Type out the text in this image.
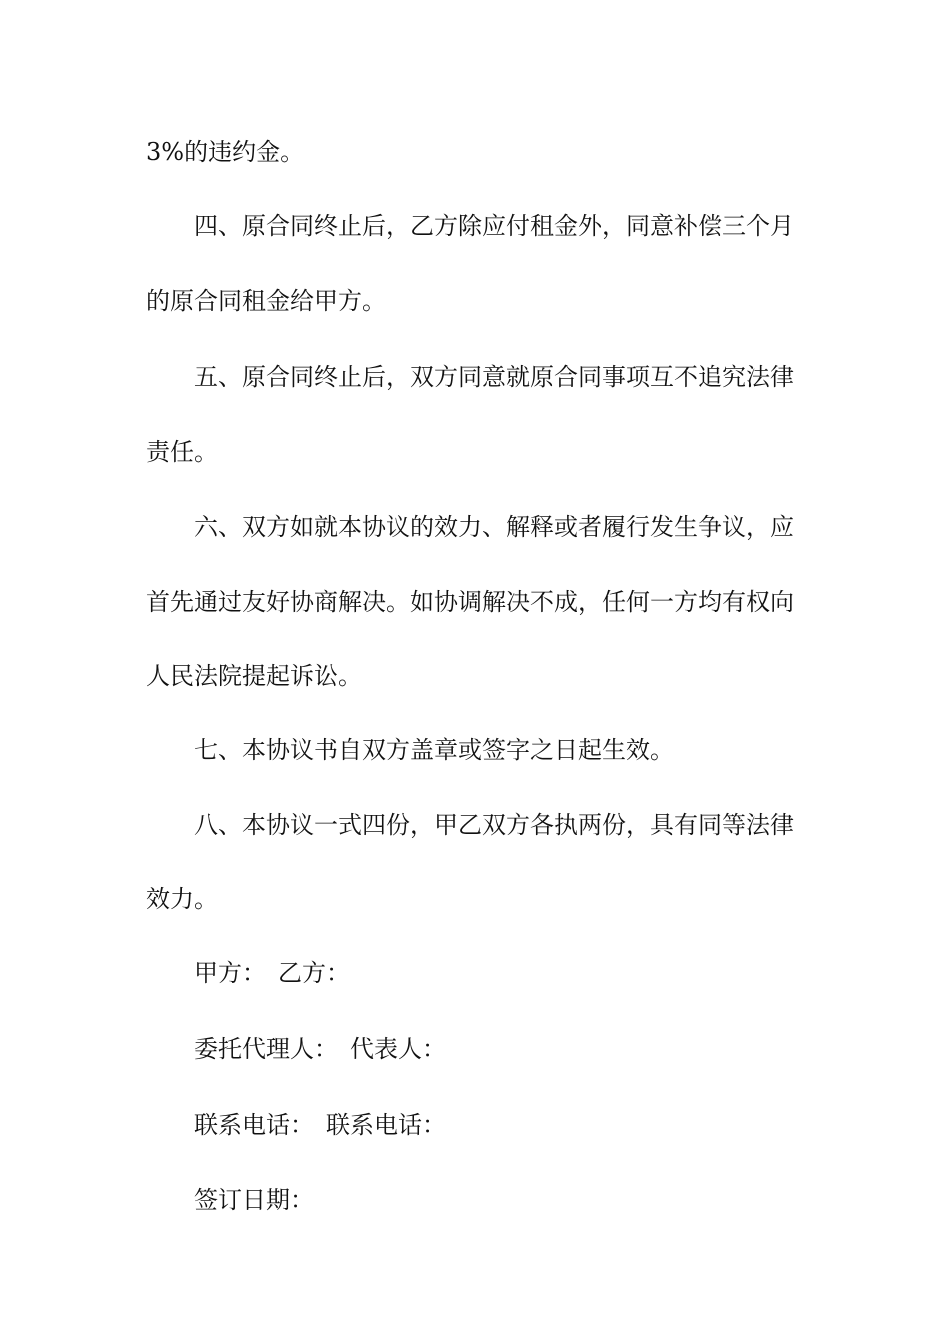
3%的违约金。
四、原合同终止后，乙方除应付租金外，同意补偿三个月
的原合同租金给甲方。
五、原合同终止后，双方同意就原合同事项互不追究法律
责任。
六、双方如就本协议的效力、解释或者履行发生争议，应
首先通过友好协商解决。如协调解决不成，任何一方均有权向
人民法院提起诉讼。
七、本协议书自双方盖章或签字之日起生效。
八、本协议一式四份，甲乙双方各执两份，具有同等法律
效力。
甲方：　乙方：
委托代理人：　代表人：
联系电话：　联系电话：
签订日期：
